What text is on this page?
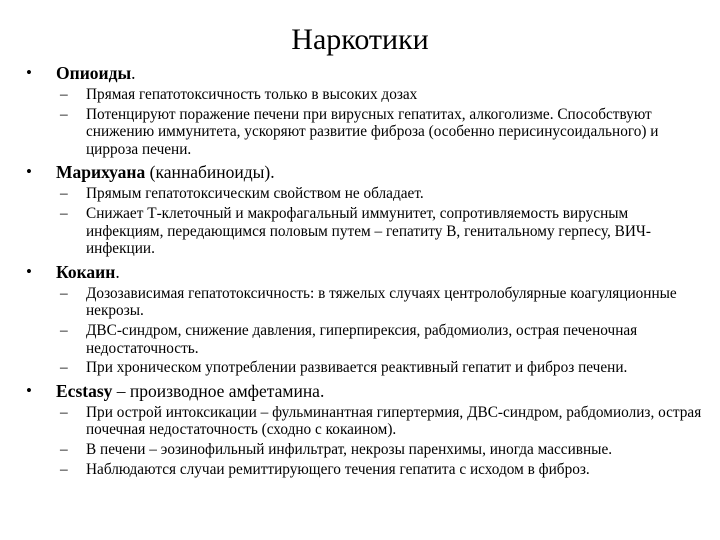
Наркотики
• Опиоиды.
– Прямая гепатотоксичность только в высоких дозах
– Потенцируют поражение печени при вирусных гепатитах, алкоголизме. Способствуют снижению иммунитета, ускоряют развитие фиброза (особенно перисинусоидального) и цирроза печени.
• Марихуана (каннабиноиды).
– Прямым гепатотоксическим свойством не обладает.
– Снижает Т-клеточный и макрофагальный иммунитет, сопротивляемость вирусным инфекциям, передающимся половым путем – гепатиту В, генитальному герпесу, ВИЧ-инфекции.
• Кокаин.
– Дозозависимая гепатотоксичность: в тяжелых случаях центролобулярные коагуляционные некрозы.
– ДВС-синдром, снижение давления, гиперпирексия, рабдомиолиз, острая печеночная недостаточность.
– При хроническом употреблении развивается реактивный гепатит и фиброз печени.
• Ecstasy – производное амфетамина.
– При острой интоксикации – фульминантная гипертермия, ДВС-синдром, рабдомиолиз, острая почечная недостаточность (сходно с кокаином).
– В печени – эозинофильный инфильтрат, некрозы паренхимы, иногда массивные.
– Наблюдаются случаи ремиттирующего течения гепатита с исходом в фиброз.
